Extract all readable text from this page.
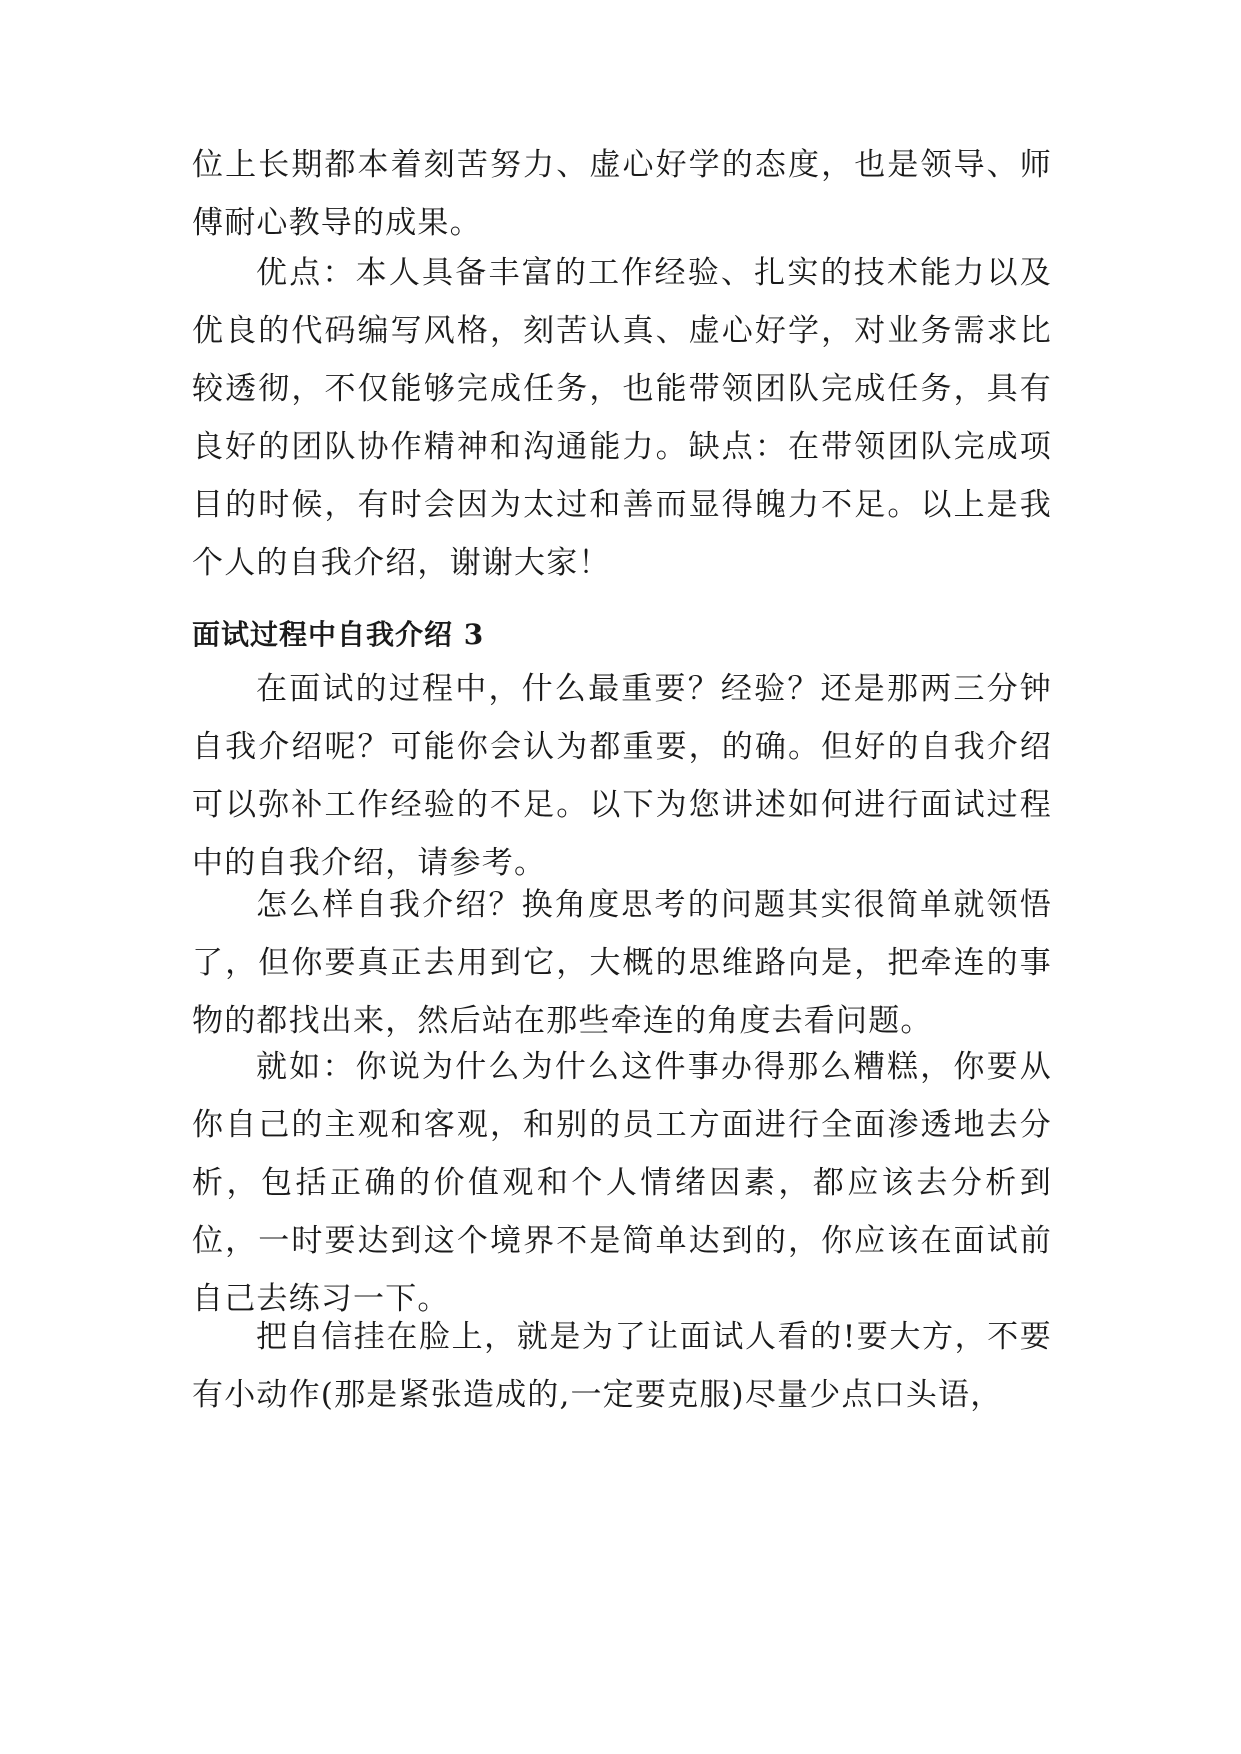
位上长期都本着刻苦努力、虚心好学的态度，也是领导、师傅耐心教导的成果。

优点：本人具备丰富的工作经验、扎实的技术能力以及优良的代码编写风格，刻苦认真、虚心好学，对业务需求比较透彻，不仅能够完成任务，也能带领团队完成任务，具有良好的团队协作精神和沟通能力。缺点：在带领团队完成项目的时候，有时会因为太过和善而显得魄力不足。以上是我个人的自我介绍，谢谢大家！

面试过程中自我介绍 3

在面试的过程中，什么最重要？经验？还是那两三分钟自我介绍呢？可能你会认为都重要，的确。但好的自我介绍可以弥补工作经验的不足。以下为您讲述如何进行面试过程中的自我介绍，请参考。

怎么样自我介绍？换角度思考的问题其实很简单就领悟了，但你要真正去用到它，大概的思维路向是，把牵连的事物的都找出来，然后站在那些牵连的角度去看问题。

就如：你说为什么为什么这件事办得那么糟糕，你要从你自己的主观和客观，和别的员工方面进行全面渗透地去分析，包括正确的价值观和个人情绪因素，都应该去分析到位，一时要达到这个境界不是简单达到的，你应该在面试前自己去练习一下。

把自信挂在脸上，就是为了让面试人看的!要大方，不要有小动作(那是紧张造成的,一定要克服)尽量少点口头语，
